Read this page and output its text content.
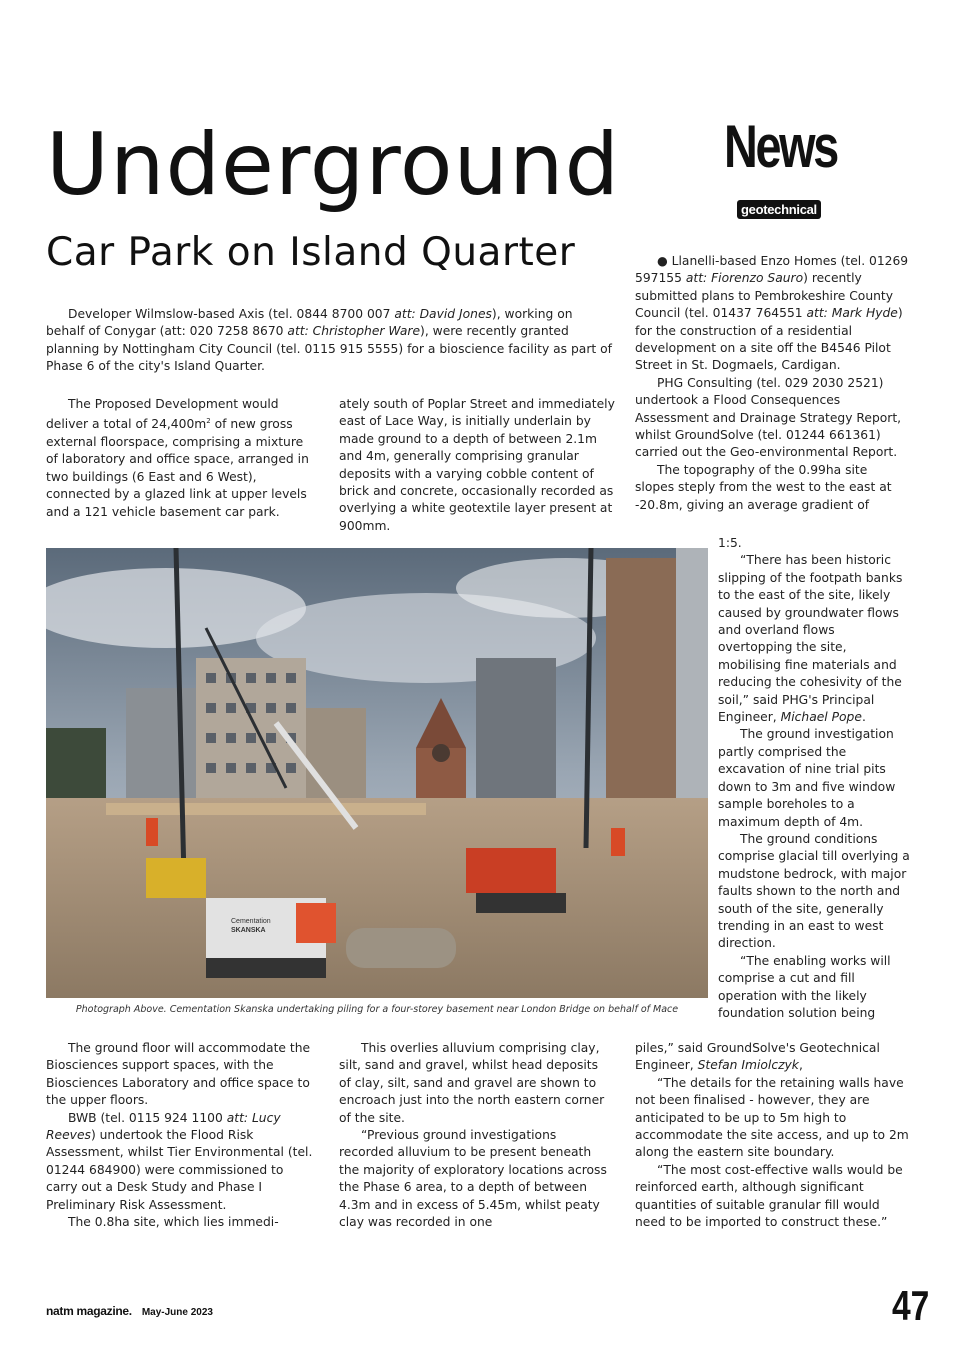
Underground
Car Park on Island Quarter
News
geotechnical

Developer Wilmslow-based Axis (tel. 0844 8700 007 att: David Jones), working on behalf of Conygar (att: 020 7258 8670 att: Christopher Ware), were recently granted planning by Nottingham City Council (tel. 0115 915 5555) for a bioscience facility as part of Phase 6 of the city's Island Quarter.

The Proposed Development would deliver a total of $24,400m^2$ of new gross external floorspace, comprising a mixture of laboratory and office space, arranged in two buildings (6 East and 6 West), connected by a glazed link at upper levels and a 121 vehicle basement car park.

ately south of Poplar Street and immediately east of Lace Way, is initially underlain by made ground to a depth of between 2.1m and 4m, generally comprising granular deposits with a varying cobble content of brick and concrete, occasionally recorded as overlying a white geotextile layer present at 900mm.

● Llanelli-based Enzo Homes (tel. 01269 597155 att: Fiorenzo Sauro) recently submitted plans to Pembrokeshire County Council (tel. 01437 764551 att: Mark Hyde) for the construction of a residential development on a site off the B4546 Pilot Street in St. Dogmaels, Cardigan.

PHG Consulting (tel. 029 2030 2521) undertook a Flood Consequences Assessment and Drainage Strategy Report, whilst GroundSolve (tel. 01244 661361) carried out the Geo-environmental Report.

The topography of the 0.99ha site slopes steply from the west to the east at -20.8m, giving an average gradient of

1:5.

“There has been historic slipping of the footpath banks to the east of the site, likely caused by groundwater flows and overland flows overtopping the site, mobilising fine materials and reducing the cohesivity of the soil,” said PHG's Principal Engineer, Michael Pope.

The ground investigation partly comprised the excavation of nine trial pits down to 3m and five window sample boreholes to a maximum depth of 4m.

The ground conditions comprise glacial till overlying a mudstone bedrock, with major faults shown to the north and south of the site, generally trending in an east to west direction.

“The enabling works will comprise a cut and fill operation with the likely foundation solution being

piles,” said GroundSolve's Geotechnical Engineer, Stefan Imiolczyk,

“The details for the retaining walls have not been finalised - however, they are anticipated to be up to 5m high to accommodate the site access, and up to 2m along the eastern site boundary.

“The most cost-effective walls would be reinforced earth, although significant quantities of suitable granular fill would need to be imported to construct these.”

The ground floor will accommodate the Biosciences support spaces, with the Biosciences Laboratory and office space to the upper floors.

BWB (tel. 0115 924 1100 att: Lucy Reeves) undertook the Flood Risk Assessment, whilst Tier Environmental (tel. 01244 684900) were commissioned to carry out a Desk Study and Phase I Preliminary Risk Assessment.

The 0.8ha site, which lies immedi-

This overlies alluvium comprising clay, silt, sand and gravel, whilst head deposits of clay, silt, sand and gravel are shown to encroach just into the north eastern corner of the site.

“Previous ground investigations recorded alluvium to be present beneath the majority of exploratory locations across the Phase 6 area, to a depth of between 4.3m and in excess of 5.45m, whilst peaty clay was recorded in one

Cementation
SKANSKA
Photograph Above. Cementation Skanska undertaking piling for a four-storey basement near London Bridge on behalf of Mace
natm magazine. May-June 2023	47
